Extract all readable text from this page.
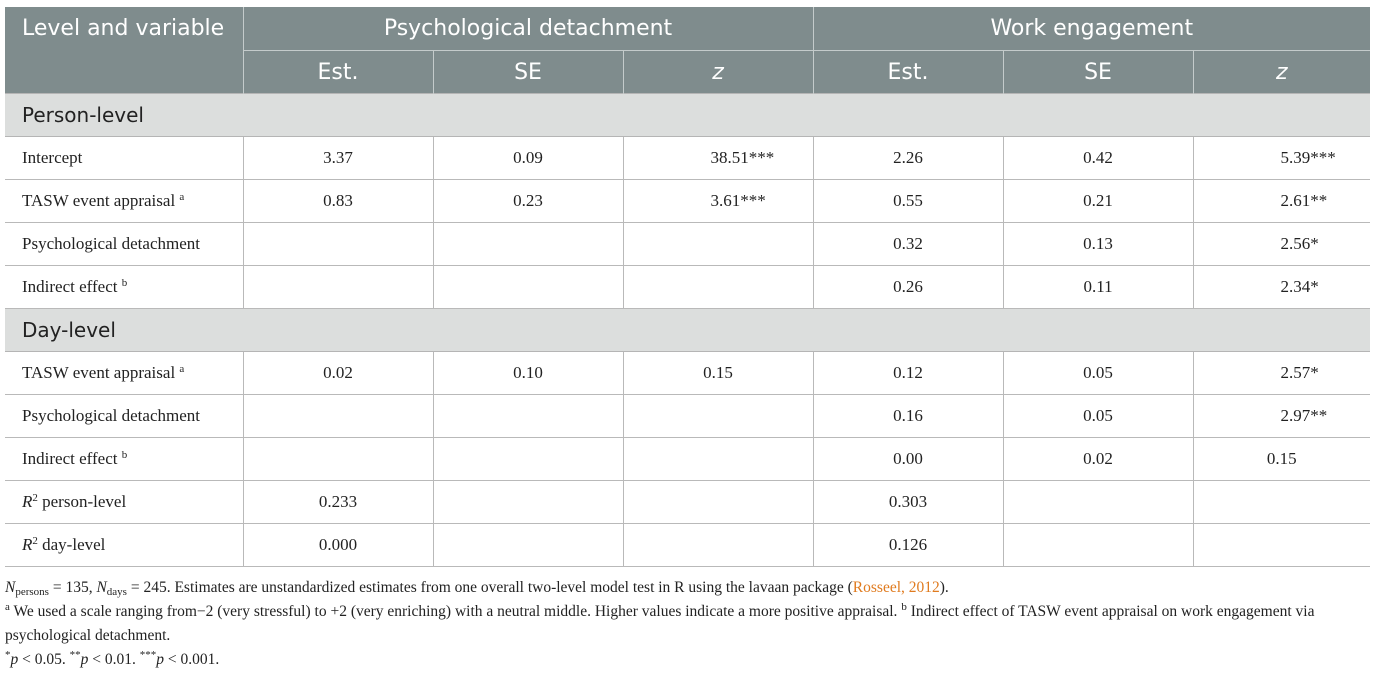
Level and variable	Psychological detachment			Work engagement		
	Est.	SE	z	Est.	SE	z
Person-level						
Intercept	3.37	0.09	38.51***	2.26	0.42	5.39***
TASW event appraisal $^a$	0.83	0.23	3.61***	0.55	0.21	2.61**
Psychological detachment				0.32	0.13	2.56*
Indirect effect $^b$				0.26	0.11	2.34*
Day-level						
TASW event appraisal $^a$	0.02	0.10	0.15	0.12	0.05	2.57*
Psychological detachment				0.16	0.05	2.97**
Indirect effect $^b$				0.00	0.02	0.15
$R^2$ person-level	0.233			0.303		
$R^2$ day-level	0.000			0.126		

$N_{persons} = 135$, $N_{days} = 245$. Estimates are unstandardized estimates from one overall two-level model test in R using the lavaan package (Rosseel, 2012).

$^a$ We used a scale ranging from−2 (very stressful) to +2 (very enriching) with a neutral middle. Higher values indicate a more positive appraisal. $^b$ Indirect effect of TASW event appraisal on work engagement via psychological detachment.

*p < 0.05. **p < 0.01. ***p < 0.001.
